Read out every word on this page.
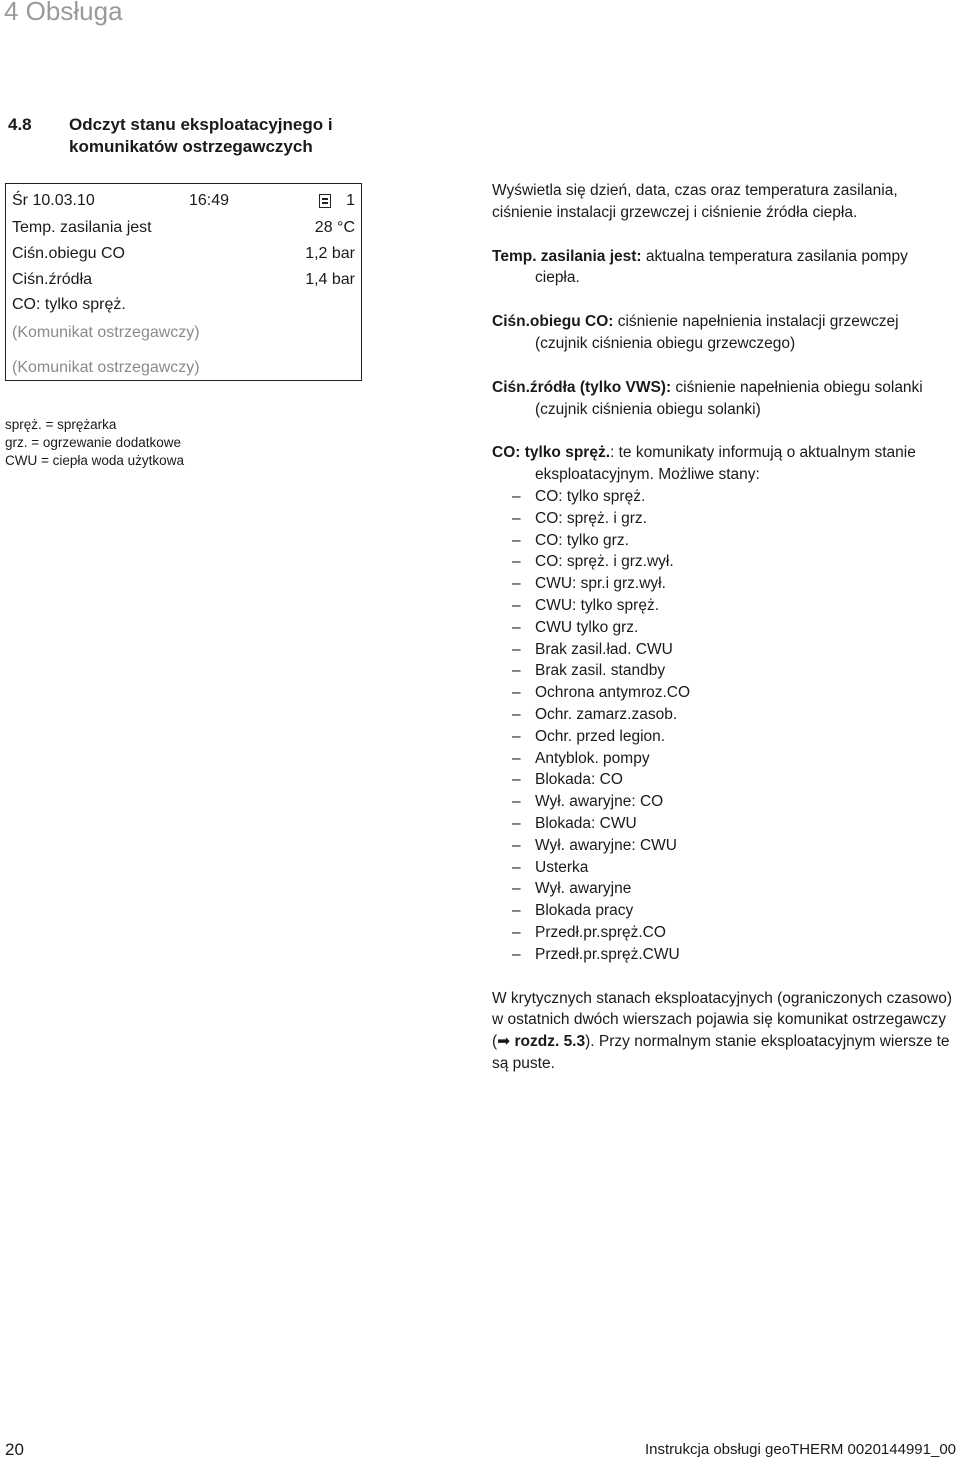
4 Obsługa
4.8 Odczyt stanu eksploatacyjnego i komunikatów ostrzegawczych
Śr 10.03.10	16:49	1
Temp. zasilania jest	28 °C
Ciśn.obiegu CO	1,2 bar
Ciśn.źródła	1,4 bar
CO: tylko spręż.
(Komunikat ostrzegawczy)
(Komunikat ostrzegawczy)
spręż. = sprężarka
grz. = ogrzewanie dodatkowe
CWU = ciepła woda użytkowa

Wyświetla się dzień, data, czas oraz temperatura zasilania, ciśnienie instalacji grzewczej i ciśnienie źródła ciepła.

Temp. zasilania jest: aktualna temperatura zasilania pompy ciepła.
Ciśn.obiegu CO: ciśnienie napełnienia instalacji grzewczej (czujnik ciśnienia obiegu grzewczego)
Ciśn.źródła (tylko VWS): ciśnienie napełnienia obiegu solanki (czujnik ciśnienia obiegu solanki)
CO: tylko spręż.: te komunikaty informują o aktualnym stanie eksploatacyjnym. Możliwe stany:
– CO: tylko spręż.
– CO: spręż. i grz.
– CO: tylko grz.
– CO: spręż. i grz.wył.
– CWU: spr.i grz.wył.
– CWU: tylko spręż.
– CWU tylko grz.
– Brak zasil.ład. CWU
– Brak zasil. standby
– Ochrona antymroz.CO
– Ochr. zamarz.zasob.
– Ochr. przed legion.
– Antyblok. pompy
– Blokada: CO
– Wył. awaryjne: CO
– Blokada: CWU
– Wył. awaryjne: CWU
– Usterka
– Wył. awaryjne
– Blokada pracy
– Przedł.pr.spręż.CO
– Przedł.pr.spręż.CWU

W krytycznych stanach eksploatacyjnych (ograniczonych czasowo) w ostatnich dwóch wierszach pojawia się komunikat ostrzegawczy (➡ rozdz. 5.3). Przy normalnym stanie eksploatacyjnym wiersze te są puste.

20	Instrukcja obsługi geoTHERM 0020144991_00
